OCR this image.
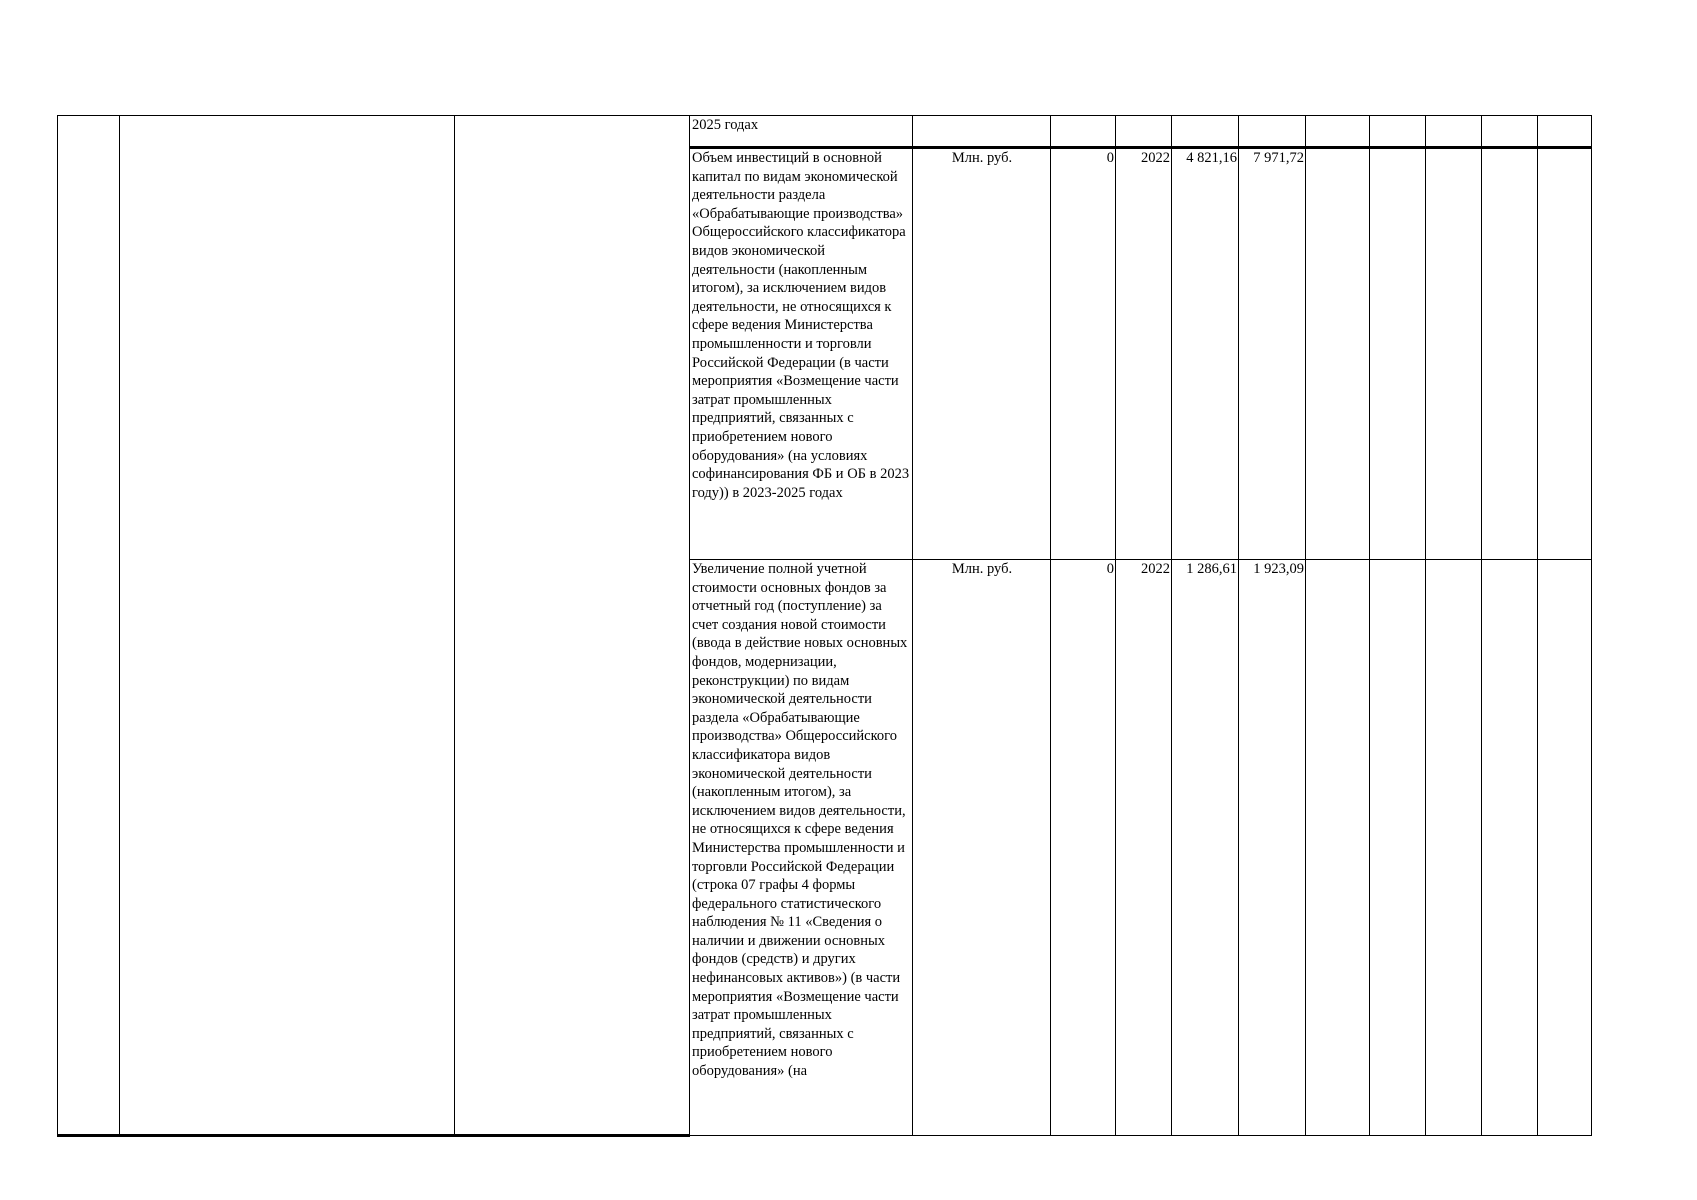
			2025 годах										
			Объем инвестиций в основной капитал по видам экономической деятельности раздела «Обрабатывающие производства» Общероссийского классификатора видов экономической деятельности (накопленным итогом), за исключением видов деятельности, не относящихся к сфере ведения Министерства промышленности и торговли Российской Федерации (в части мероприятия «Возмещение части затрат промышленных предприятий, связанных с приобретением нового оборудования» (на условиях софинансирования ФБ и ОБ в 2023 году)) в 2023-2025 годах	Млн. руб.	0	2022	4 821,16	7 971,72					
			Увеличение полной учетной стоимости основных фондов за отчетный год (поступление) за счет создания новой стоимости (ввода в действие новых основных фондов, модернизации, реконструкции) по видам экономической деятельности раздела «Обрабатывающие производства» Общероссийского классификатора видов экономической деятельности (накопленным итогом), за исключением видов деятельности, не относящихся к сфере ведения Министерства промышленности и торговли Российской Федерации (строка 07 графы 4 формы федерального статистического наблюдения № 11 «Сведения о наличии и движении основных фондов (средств) и других нефинансовых активов») (в части мероприятия «Возмещение части затрат промышленных предприятий, связанных с приобретением нового оборудования» (на	Млн. руб.	0	2022	1 286,61	1 923,09					
